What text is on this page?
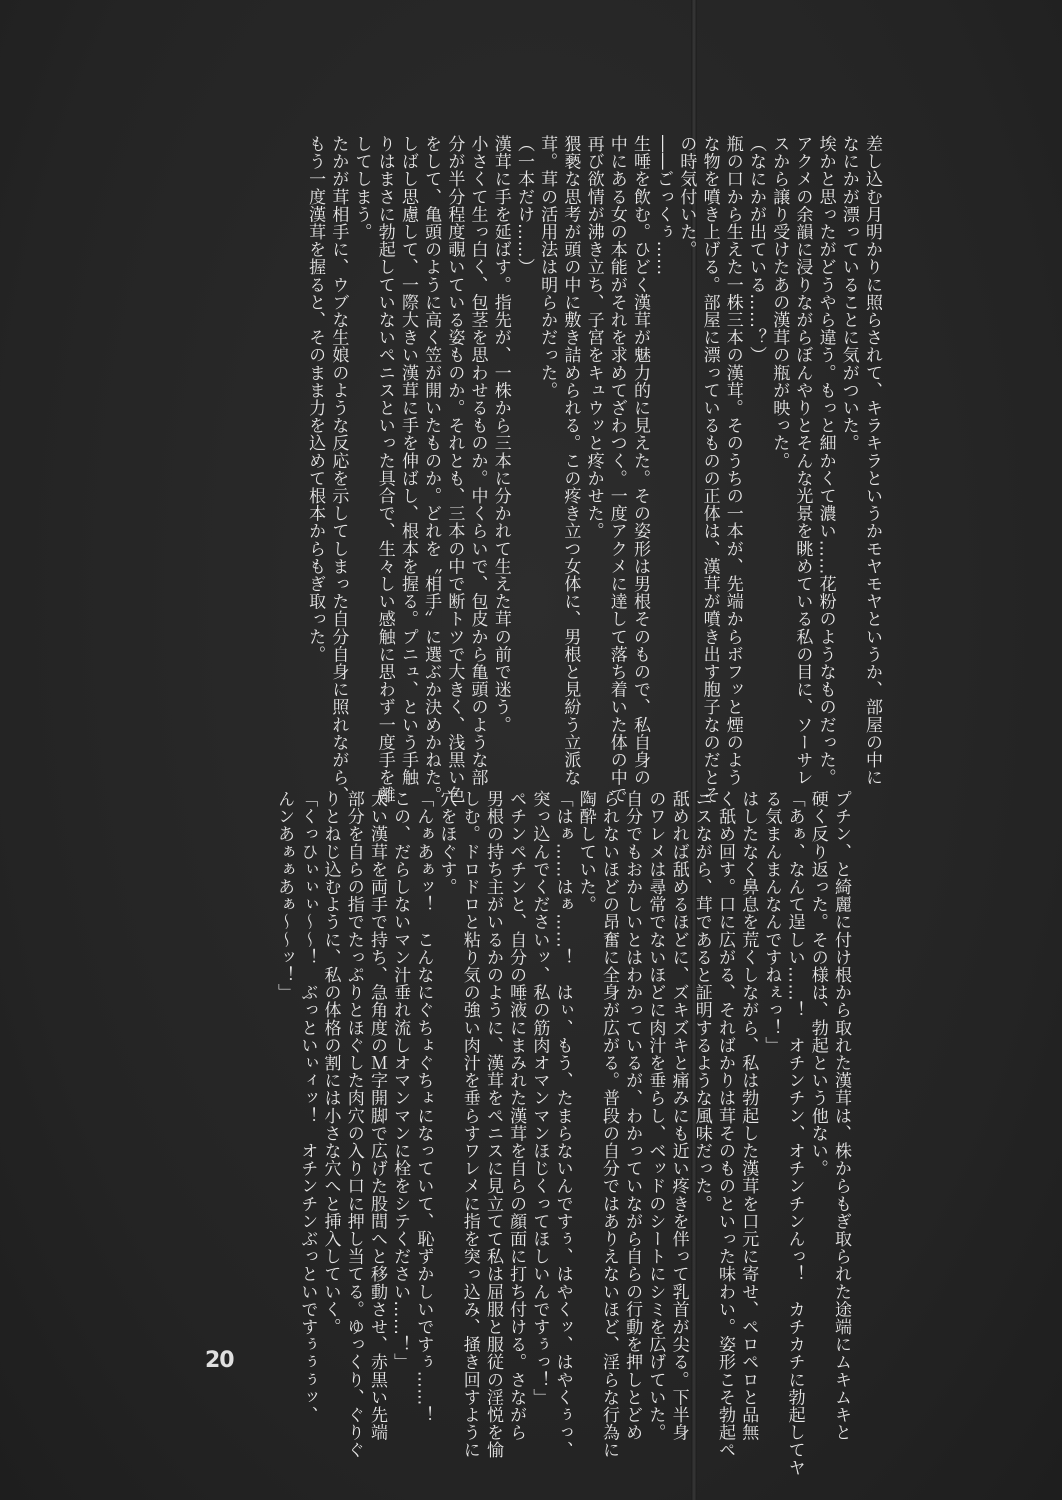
差し込む月明かりに照らされて、キラキラというかモヤモヤというか、部屋の中に
なにかが漂っていることに気がついた。
埃かと思ったがどうやら違う。もっと細かくて濃い……花粉のようなものだった。
アクメの余韻に浸りながらぼんやりとそんな光景を眺めている私の目に、ソーサレ
スから譲り受けたあの漢茸の瓶が映った。
（なにかが出ている……？）
瓶の口から生えた一株三本の漢茸。そのうちの一本が、先端からボフッと煙のよう
な物を噴き上げる。部屋に漂っているものの正体は、漢茸が噴き出す胞子なのだとそ
の時気付いた。
――ごっくぅ……
生唾を飲む。ひどく漢茸が魅力的に見えた。その姿形は男根そのもので、私自身の
中にある女の本能がそれを求めてざわつく。一度アクメに達して落ち着いた体の中で
再び欲情が沸き立ち、子宮をキュウッと疼かせた。
猥褻な思考が頭の中に敷き詰められる。この疼き立つ女体に、男根と見紛う立派な
茸。茸の活用法は明らかだった。
（一本だけ……）
漢茸に手を延ばす。指先が、一株から三本に分かれて生えた茸の前で迷う。
小さくて生っ白く、包茎を思わせるものか。中くらいで、包皮から亀頭のような部
分が半分程度覗いている姿ものか。それとも、三本の中で断トツで大きく、浅黒い色
をして、亀頭のように高く笠が開いたものか。どれを〝相手〟に選ぶか決めかねた。
しばし思慮して、一際大きい漢茸に手を伸ばし、根本を握る。プニュ、という手触
りはまさに勃起していないペニスといった具合で、生々しい感触に思わず一度手を離
してしまう。
たかが茸相手に、ウブな生娘のような反応を示してしまった自分自身に照れながら、
もう一度漢茸を握ると、そのまま力を込めて根本からもぎ取った。
プチン、と綺麗に付け根から取れた漢茸は、株からもぎ取られた途端にムキムキと
硬く反り返った。その様は、勃起という他ない。
「あぁ、なんて逞しい……！　オチンチン、オチンチンんっ！　カチカチに勃起してヤ
る気まんまんなんですねぇっ！」
はしたなく鼻息を荒くしながら、私は勃起した漢茸を口元に寄せ、ペロペロと品無
く舐め回す。口に広がる、そればかりは茸そのものといった味わい。姿形こそ勃起ペ
ニスながら、茸であると証明するような風味だった。
舐めれば舐めるほどに、ズキズキと痛みにも近い疼きを伴って乳首が尖る。下半身
のワレメは尋常でないほどに肉汁を垂らし、ベッドのシートにシミを広げていた。
自分でもおかしいとはわかっているが、わかっていながら自らの行動を押しとどめ
られないほどの昂奮に全身が広がる。普段の自分ではありえないほど、淫らな行為に
陶酔していた。
「はぁ……はぁ……！　はぃ、もう、たまらないんですぅ、はやくッ、はやくぅっ、
突っ込んでくださいッ、私の筋肉オマンマンほじくってほしいんですぅっ！」
ペチンペチンと、自分の唾液にまみれた漢茸を自らの顔面に打ち付ける。さながら
男根の持ち主がいるかのように、漢茸をペニスに見立てて私は屈服と服従の淫悦を愉
しむ。ドロドロと粘り気の強い肉汁を垂らすワレメに指を突っ込み、掻き回すように
穴をほぐす。
「んぁあぁッ！　こんなにぐちょぐちょになっていて、恥ずかしいですぅ……！
この、だらしないマン汁垂れ流しオマンマンに栓をシテください……！」
太い漢茸を両手で持ち、急角度のＭ字開脚で広げた股間へと移動させ、赤黒い先端
部分を自らの指でたっぷりとほぐした肉穴の入り口に押し当てる。ゆっくり、ぐりぐ
りとねじ込むように、私の体格の割には小さな穴へと挿入していく。
「くっひぃぃぃ〜〜！　ぶっといぃィッ！　オチンチンぶっといですぅぅぅッ、
んンあぁぁあぁ〜〜ッ！」
20
